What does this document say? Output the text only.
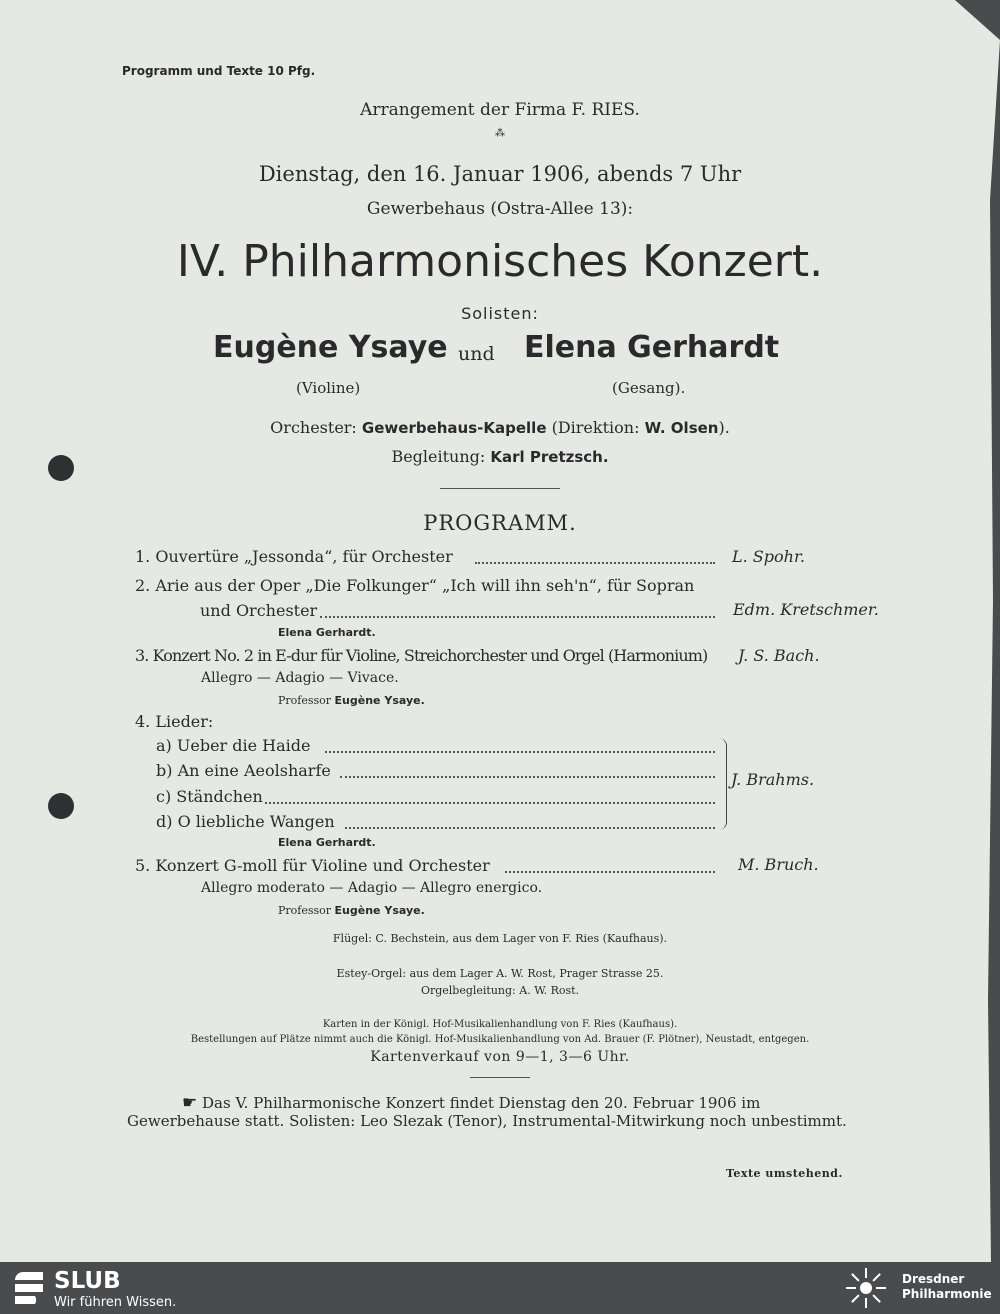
Programm und Texte 10 Pfg.
Arrangement der Firma F. RIES.
⁂
Dienstag, den 16. Januar 1906, abends 7 Uhr
Gewerbehaus (Ostra-Allee 13):
IV. Philharmonisches Konzert.
Solisten:
Eugène Ysaye und Elena Gerhardt
(Violine)	(Gesang).
Orchester: Gewerbehaus-Kapelle (Direktion: W. Olsen).
Begleitung: Karl Pretzsch.
PROGRAMM.
1. Ouvertüre „Jessonda“, für Orchester	L. Spohr.
2. Arie aus der Oper „Die Folkunger“ „Ich will ihn seh'n“, für Sopran
und Orchester	Edm. Kretschmer.
Elena Gerhardt.
3. Konzert No. 2 in E-dur für Violine, Streichorchester und Orgel (Harmonium) J. S. Bach.
Allegro — Adagio — Vivace.
Professor Eugène Ysaye.
4. Lieder:
a) Ueber die Haide
b) An eine Aeolsharfe
c) Ständchen
d) O liebliche Wangen
J. Brahms.
Elena Gerhardt.
5. Konzert G-moll für Violine und Orchester	M. Bruch.
Allegro moderato — Adagio — Allegro energico.
Professor Eugène Ysaye.
Flügel: C. Bechstein, aus dem Lager von F. Ries (Kaufhaus).
Estey-Orgel: aus dem Lager A. W. Rost, Prager Strasse 25.
Orgelbegleitung: A. W. Rost.
Karten in der Königl. Hof-Musikalienhandlung von F. Ries (Kaufhaus).
Bestellungen auf Plätze nimmt auch die Königl. Hof-Musikalienhandlung von Ad. Brauer (F. Plötner), Neustadt, entgegen.
Kartenverkauf von 9—1, 3—6 Uhr.
☛ Das V. Philharmonische Konzert findet Dienstag den 20. Februar 1906 im
Gewerbehause statt. Solisten: Leo Slezak (Tenor), Instrumental-Mitwirkung noch unbestimmt.
Texte umstehend.
SLUB
Wir führen Wissen.
Dresdner
Philharmonie
